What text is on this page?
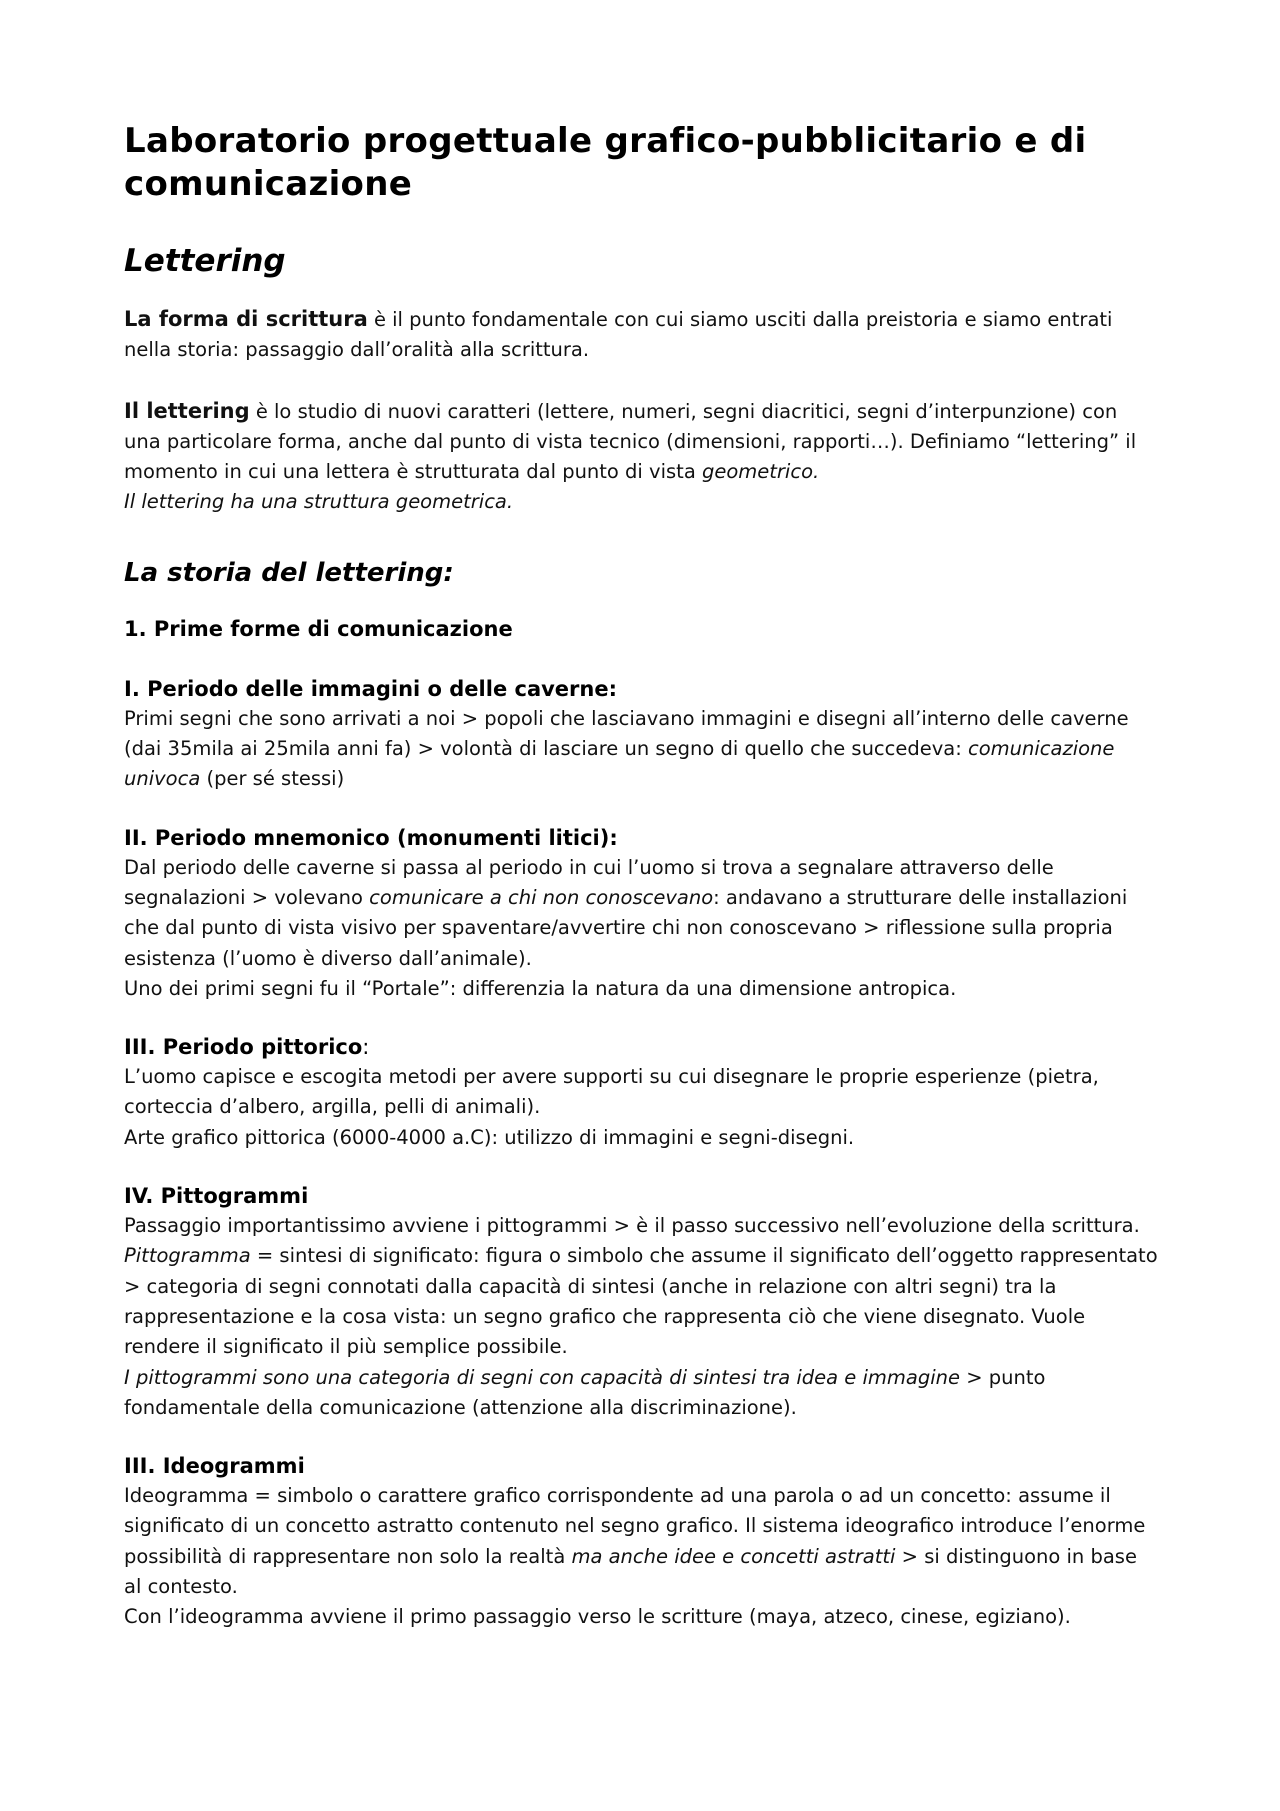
Laboratorio progettuale grafico-pubblicitario e di comunicazione
Lettering

La forma di scrittura è il punto fondamentale con cui siamo usciti dalla preistoria e siamo entrati nella storia: passaggio dall’oralità alla scrittura.

Il lettering è lo studio di nuovi caratteri (lettere, numeri, segni diacritici, segni d’interpunzione) con una particolare forma, anche dal punto di vista tecnico (dimensioni, rapporti…). Definiamo “lettering” il momento in cui una lettera è strutturata dal punto di vista geometrico.

Il lettering ha una struttura geometrica.

La storia del lettering:
1. Prime forme di comunicazione
I. Periodo delle immagini o delle caverne:

Primi segni che sono arrivati a noi > popoli che lasciavano immagini e disegni all’interno delle caverne (dai 35mila ai 25mila anni fa) > volontà di lasciare un segno di quello che succedeva: comunicazione univoca (per sé stessi)

II. Periodo mnemonico (monumenti litici):

Dal periodo delle caverne si passa al periodo in cui l’uomo si trova a segnalare attraverso delle segnalazioni > volevano comunicare a chi non conoscevano: andavano a strutturare delle installazioni che dal punto di vista visivo per spaventare/avvertire chi non conoscevano > riflessione sulla propria esistenza (l’uomo è diverso dall’animale).

Uno dei primi segni fu il “Portale”: differenzia la natura da una dimensione antropica.

III. Periodo pittorico:

L’uomo capisce e escogita metodi per avere supporti su cui disegnare le proprie esperienze (pietra, corteccia d’albero, argilla, pelli di animali).

Arte grafico pittorica (6000-4000 a.C): utilizzo di immagini e segni-disegni.

IV. Pittogrammi

Passaggio importantissimo avviene i pittogrammi > è il passo successivo nell’evoluzione della scrittura.

Pittogramma = sintesi di significato: figura o simbolo che assume il significato dell’oggetto rappresentato > categoria di segni connotati dalla capacità di sintesi (anche in relazione con altri segni) tra la rappresentazione e la cosa vista: un segno grafico che rappresenta ciò che viene disegnato. Vuole rendere il significato il più semplice possibile.

I pittogrammi sono una categoria di segni con capacità di sintesi tra idea e immagine > punto fondamentale della comunicazione (attenzione alla discriminazione).

III. Ideogrammi

Ideogramma = simbolo o carattere grafico corrispondente ad una parola o ad un concetto: assume il significato di un concetto astratto contenuto nel segno grafico. Il sistema ideografico introduce l’enorme possibilità di rappresentare non solo la realtà ma anche idee e concetti astratti > si distinguono in base al contesto.

Con l’ideogramma avviene il primo passaggio verso le scritture (maya, atzeco, cinese, egiziano).
